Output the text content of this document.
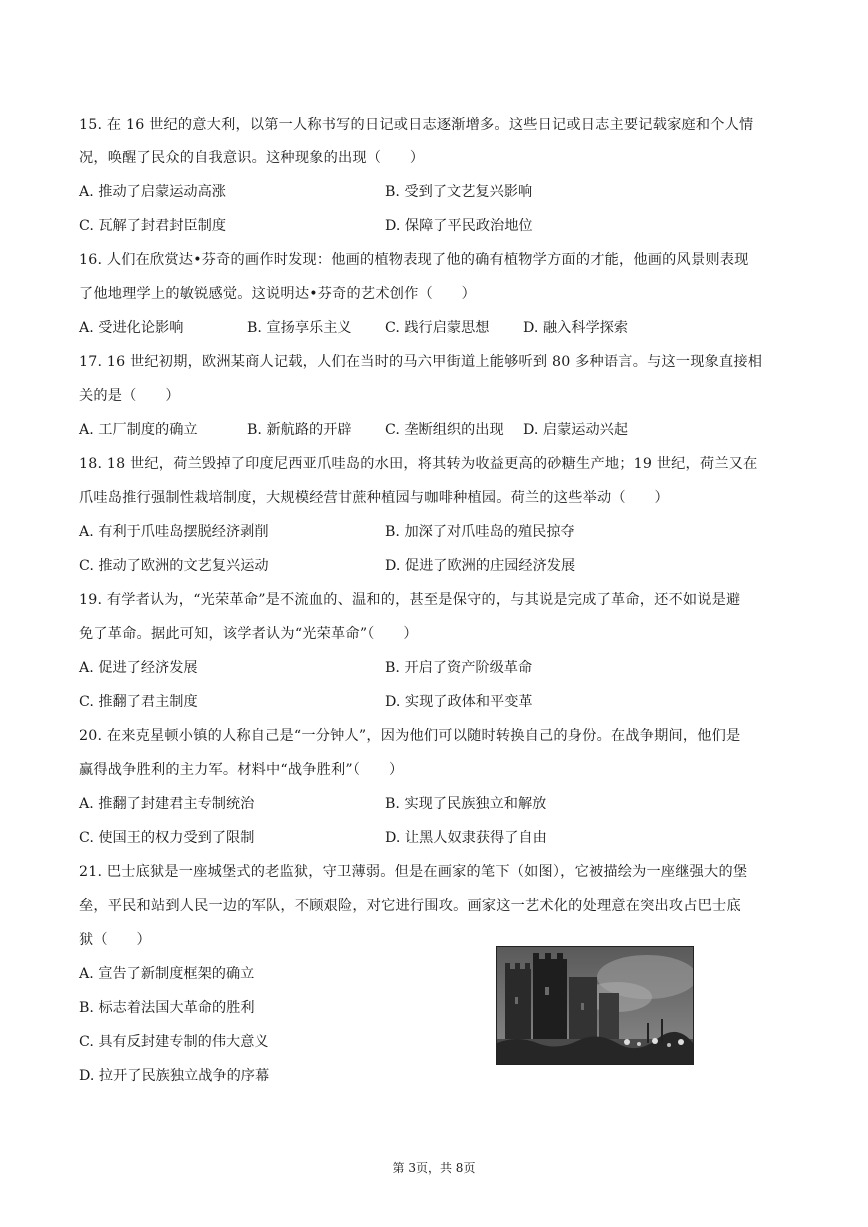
15. 在 16 世纪的意大利，以第一人称书写的日记或日志逐渐增多。这些日记或日志主要记载家庭和个人情
况，唤醒了民众的自我意识。这种现象的出现（　　）
A. 推动了启蒙运动高涨	B. 受到了文艺复兴影响
C. 瓦解了封君封臣制度	D. 保障了平民政治地位
16. 人们在欣赏达•芬奇的画作时发现：他画的植物表现了他的确有植物学方面的才能，他画的风景则表现
了他地理学上的敏锐感觉。这说明达•芬奇的艺术创作（　　）
A. 受进化论影响	B. 宣扬享乐主义 C. 践行启蒙思想 D. 融入科学探索
17. 16 世纪初期，欧洲某商人记载，人们在当时的马六甲街道上能够听到 80 多种语言。与这一现象直接相
关的是（　　）
A. 工厂制度的确立	B. 新航路的开辟 C. 垄断组织的出现 D. 启蒙运动兴起
18. 18 世纪，荷兰毁掉了印度尼西亚爪哇岛的水田，将其转为收益更高的砂糖生产地；19 世纪，荷兰又在
爪哇岛推行强制性栽培制度，大规模经营甘蔗种植园与咖啡种植园。荷兰的这些举动（　　）
A. 有利于爪哇岛摆脱经济剥削	B. 加深了对爪哇岛的殖民掠夺
C. 推动了欧洲的文艺复兴运动	D. 促进了欧洲的庄园经济发展
19. 有学者认为，“光荣革命”是不流血的、温和的，甚至是保守的，与其说是完成了革命，还不如说是避
免了革命。据此可知，该学者认为“光荣革命”（　　）
A. 促进了经济发展	B. 开启了资产阶级革命
C. 推翻了君主制度	D. 实现了政体和平变革
20. 在来克星顿小镇的人称自己是“一分钟人”，因为他们可以随时转换自己的身份。在战争期间，他们是
赢得战争胜利的主力军。材料中“战争胜利”（　　）
A. 推翻了封建君主专制统治	B. 实现了民族独立和解放
C. 使国王的权力受到了限制	D. 让黑人奴隶获得了自由
21. 巴士底狱是一座城堡式的老监狱，守卫薄弱。但是在画家的笔下（如图），它被描绘为一座继强大的堡
垒，平民和站到人民一边的军队，不顾艰险，对它进行围攻。画家这一艺术化的处理意在突出攻占巴士底
狱（　　）
A. 宣告了新制度框架的确立
B. 标志着法国大革命的胜利
C. 具有反封建专制的伟大意义
D. 拉开了民族独立战争的序幕
第 3页，共 8页
